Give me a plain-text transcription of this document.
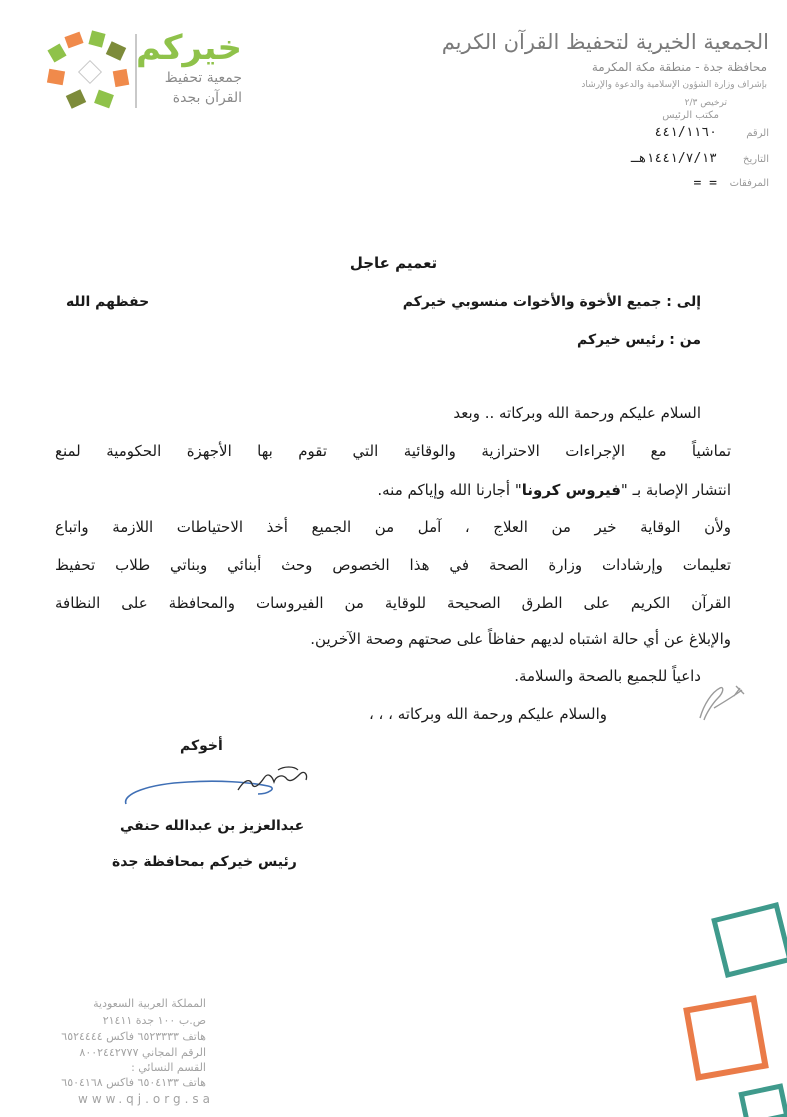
خيركم
جمعية تحفيظ
القرآن بجدة
الجمعية الخيرية لتحفيظ القرآن الكريم
محافظة جدة - منطقة مكة المكرمة
بإشراف وزارة الشؤون الإسلامية والدعوة والإرشاد
ترخيص ٢/٣
مكتب الرئيس
الرقم
٤٤١/١١٦٠
التاريخ
١٤٤١/٧/١٣هـ
المرفقات
= =
تعميم عاجل
إلى : جميع الأخوة والأخوات منسوبي خيركم
حفظهم الله
من : رئيس خيركم
السلام عليكم ورحمة الله وبركاته .. وبعد
تماشياً مع الإجراءات الاحترازية والوقائية التي تقوم بها الأجهزة الحكومية لمنع
انتشار الإصابة بـ "فيروس كرونا" أجارنا الله وإياكم منه.
ولأن الوقاية خير من العلاج ، آمل من الجميع أخذ الاحتياطات اللازمة واتباع
تعليمات وإرشادات وزارة الصحة في هذا الخصوص وحث أبنائي وبناتي طلاب تحفيظ
القرآن الكريم على الطرق الصحيحة للوقاية من الفيروسات والمحافظة على النظافة
والإبلاغ عن أي حالة اشتباه لديهم حفاظاً على صحتهم وصحة الآخرين.
داعياً للجميع بالصحة والسلامة.
والسلام عليكم ورحمة الله وبركاته ، ، ،
أخوكم
عبدالعزيز بن عبدالله حنفي
رئيس خيركم بمحافظة جدة
المملكة العربية السعودية
ص.ب ١٠٠ جدة ٢١٤١١
هاتف ٦٥٢٣٣٣٣ فاكس ٦٥٢٤٤٤٤
الرقم المجاني ٨٠٠٢٤٤٢٧٧٧
القسم النسائي :
هاتف ٦٥٠٤١٣٣ فاكس ٦٥٠٤١٦٨
www.qj.org.sa
